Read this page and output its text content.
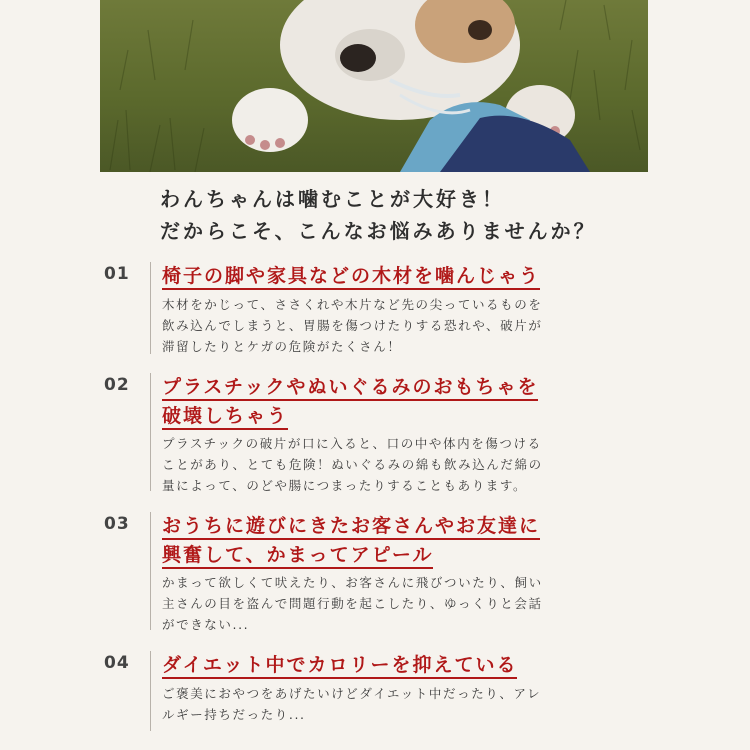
わんちゃんは噛むことが大好き！
だからこそ、こんなお悩みありませんか？
01 椅子の脚や家具などの木材を噛んじゃう
木材をかじって、ささくれや木片など先の尖っているものを
飲み込んでしまうと、胃腸を傷つけたりする恐れや、破片が
滞留したりとケガの危険がたくさん！
02 プラスチックやぬいぐるみのおもちゃを
破壊しちゃう
プラスチックの破片が口に入ると、口の中や体内を傷つける
ことがあり、とても危険！ぬいぐるみの綿も飲み込んだ綿の
量によって、のどや腸につまったりすることもあります。
03 おうちに遊びにきたお客さんやお友達に
興奮して、かまってアピール
かまって欲しくて吠えたり、お客さんに飛びついたり、飼い
主さんの目を盗んで問題行動を起こしたり、ゆっくりと会話
ができない...
04 ダイエット中でカロリーを抑えている
ご褒美におやつをあげたいけどダイエット中だったり、アレ
ルギー持ちだったり...
